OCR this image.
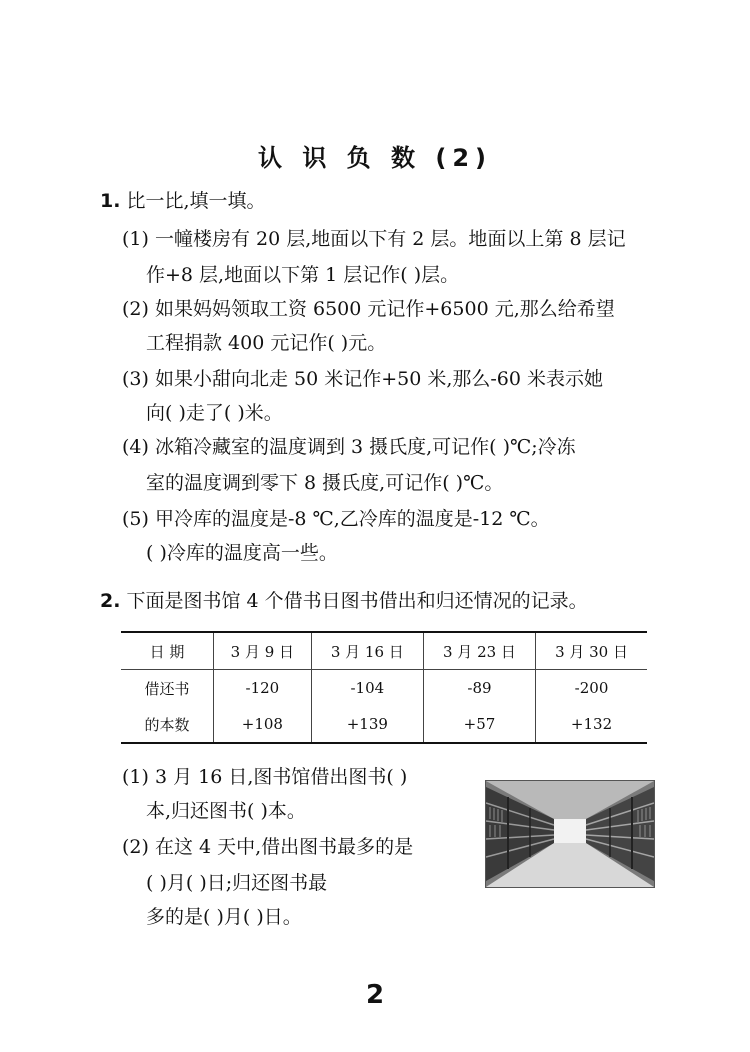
认 识 负 数 (2)
1. 比一比,填一填。
(1) 一幢楼房有 20 层,地面以下有 2 层。地面以上第 8 层记
作+8 层,地面以下第 1 层记作( )层。
(2) 如果妈妈领取工资 6500 元记作+6500 元,那么给希望
工程捐款 400 元记作( )元。
(3) 如果小甜向北走 50 米记作+50 米,那么-60 米表示她
向( )走了( )米。
(4) 冰箱冷藏室的温度调到 3 摄氏度,可记作( )℃;冷冻
室的温度调到零下 8 摄氏度,可记作( )℃。
(5) 甲冷库的温度是-8 ℃,乙冷库的温度是-12 ℃。
( )冷库的温度高一些。
2. 下面是图书馆 4 个借书日图书借出和归还情况的记录。
日 期	3 月 9 日	3 月 16 日	3 月 23 日	3 月 30 日
借还书	-120	-104	-89	-200
的本数	+108	+139	+57	+132
(1) 3 月 16 日,图书馆借出图书( )
本,归还图书( )本。
(2) 在这 4 天中,借出图书最多的是
( )月( )日;归还图书最
多的是( )月( )日。
2
